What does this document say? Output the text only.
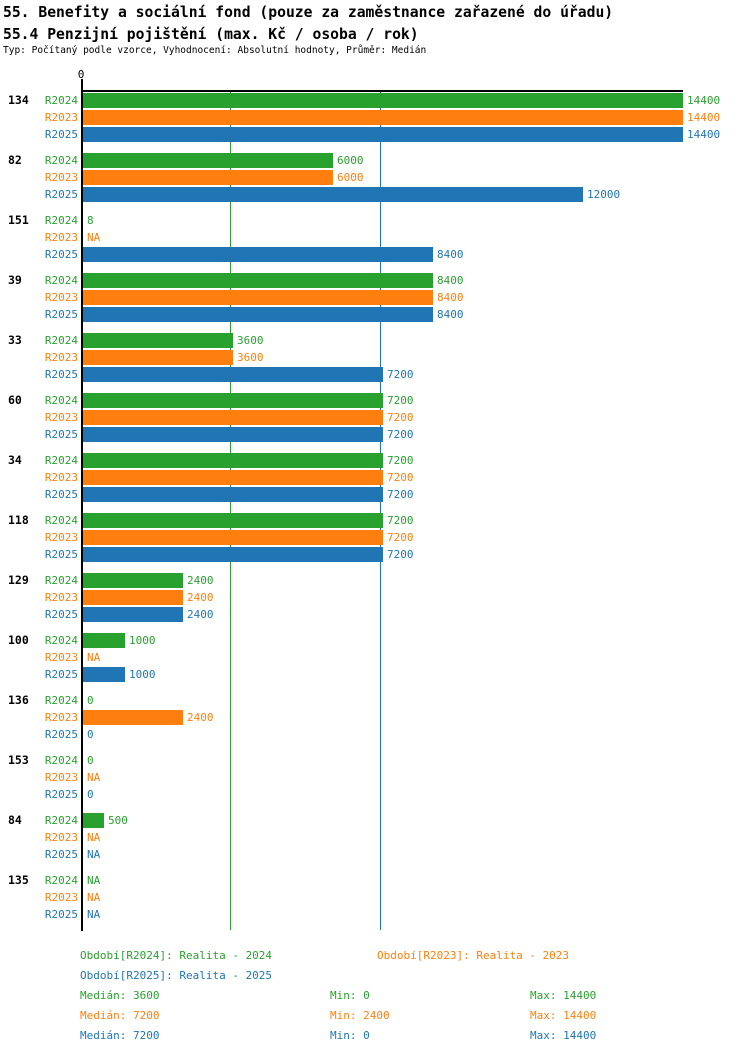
55. Benefity a sociální fond (pouze za zaměstnance zařazené do úřadu)
55.4 Penzijní pojištění (max. Kč / osoba / rok)
Typ: Počítaný podle vzorce, Vyhodnocení: Absolutní hodnoty, Průměr: Medián
0
134	R2024	14400
R2023	14400
R2025	14400
82	R2024	6000
R2023	6000
R2025	12000
151	R2024 8
R2023 NA
R2025	8400
39	R2024	8400
R2023	8400
R2025	8400
33	R2024	3600
R2023	3600
R2025	7200
60	R2024	7200
R2023	7200
R2025	7200
34	R2024	7200
R2023	7200
R2025	7200
118	R2024	7200
R2023	7200
R2025	7200
129	R2024	2400
R2023	2400
R2025	2400
100	R2024	1000
R2023 NA
R2025	1000
136	R2024 0
R2023	2400
R2025 0
153	R2024 0
R2023 NA
R2025 0
84	R2024	500
R2023 NA
R2025 NA
135	R2024 NA
R2023 NA
R2025 NA
Období[R2024]: Realita - 2024	Období[R2023]: Realita - 2023
Období[R2025]: Realita - 2025
Medián: 3600	Min: 0	Max: 14400
Medián: 7200	Min: 2400	Max: 14400
Medián: 7200	Min: 0	Max: 14400
